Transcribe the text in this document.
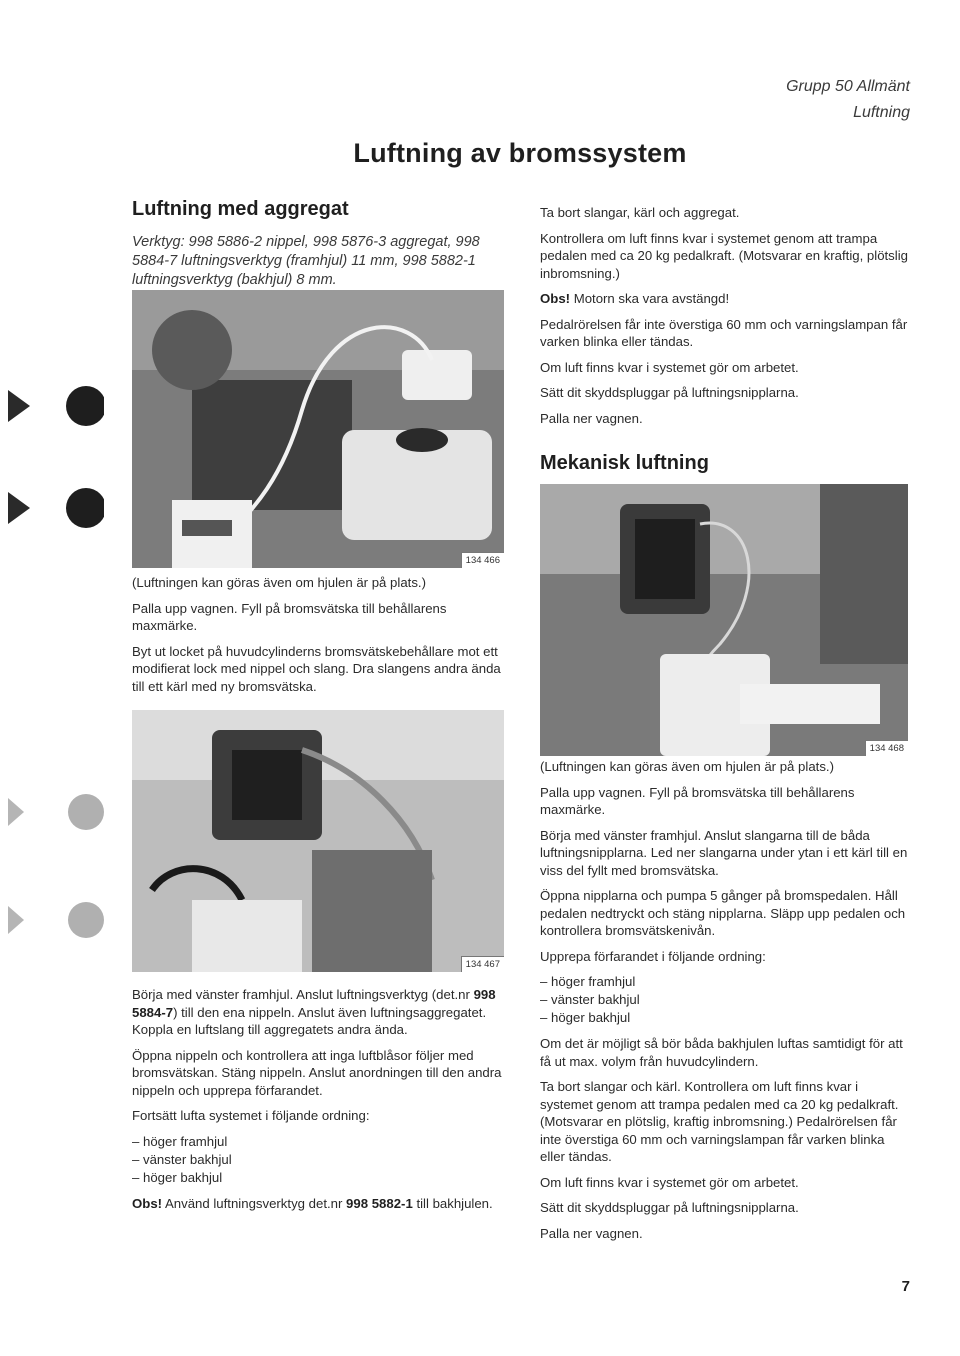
Grupp 50 Allmänt
Luftning
Luftning av bromssystem
Luftning med aggregat
Verktyg: 998 5886-2 nippel, 998 5876-3 aggregat, 998 5884-7 luftningsverktyg (framhjul) 11 mm, 998 5882-1 luftningsverktyg (bakhjul) 8 mm.
134 466

(Luftningen kan göras även om hjulen är på plats.)

Palla upp vagnen. Fyll på bromsvätska till behållarens maxmärke.

Byt ut locket på huvudcylinderns bromsvätskebehållare mot ett modifierat lock med nippel och slang. Dra slangens andra ända till ett kärl med ny bromsvätska.

134 467

Börja med vänster framhjul. Anslut luftningsverktyg (det.nr 998 5884-7) till den ena nippeln. Anslut även luftningsaggregatet. Koppla en luftslang till aggregatets andra ända.

Öppna nippeln och kontrollera att inga luftblåsor följer med bromsvätskan. Stäng nippeln. Anslut anordningen till den andra nippeln och upprepa förfarandet.

Fortsätt lufta systemet i följande ordning:

– höger framhjul
– vänster bakhjul
– höger bakhjul

Obs! Använd luftningsverktyg det.nr 998 5882-1 till bakhjulen.

Ta bort slangar, kärl och aggregat.

Kontrollera om luft finns kvar i systemet genom att trampa pedalen med ca 20 kg pedalkraft. (Motsvarar en kraftig, plötslig inbromsning.)

Obs! Motorn ska vara avstängd!

Pedalrörelsen får inte överstiga 60 mm och varningslampan får varken blinka eller tändas.

Om luft finns kvar i systemet gör om arbetet.

Sätt dit skyddspluggar på luftningsnipplarna.

Palla ner vagnen.

Mekanisk luftning
134 468

(Luftningen kan göras även om hjulen är på plats.)

Palla upp vagnen. Fyll på bromsvätska till behållarens maxmärke.

Börja med vänster framhjul. Anslut slangarna till de båda luftningsnipplarna. Led ner slangarna under ytan i ett kärl till en viss del fyllt med bromsvätska.

Öppna nipplarna och pumpa 5 gånger på bromspedalen. Håll pedalen nedtryckt och stäng nipplarna. Släpp upp pedalen och kontrollera bromsvätskenivån.

Upprepa förfarandet i följande ordning:

– höger framhjul
– vänster bakhjul
– höger bakhjul

Om det är möjligt så bör båda bakhjulen luftas samtidigt för att få ut max. volym från huvudcylindern.

Ta bort slangar och kärl. Kontrollera om luft finns kvar i systemet genom att trampa pedalen med ca 20 kg pedalkraft. (Motsvarar en plötslig, kraftig inbromsning.) Pedalrörelsen får inte överstiga 60 mm och varningslampan får varken blinka eller tändas.

Om luft finns kvar i systemet gör om arbetet.

Sätt dit skyddspluggar på luftningsnipplarna.

Palla ner vagnen.

7
